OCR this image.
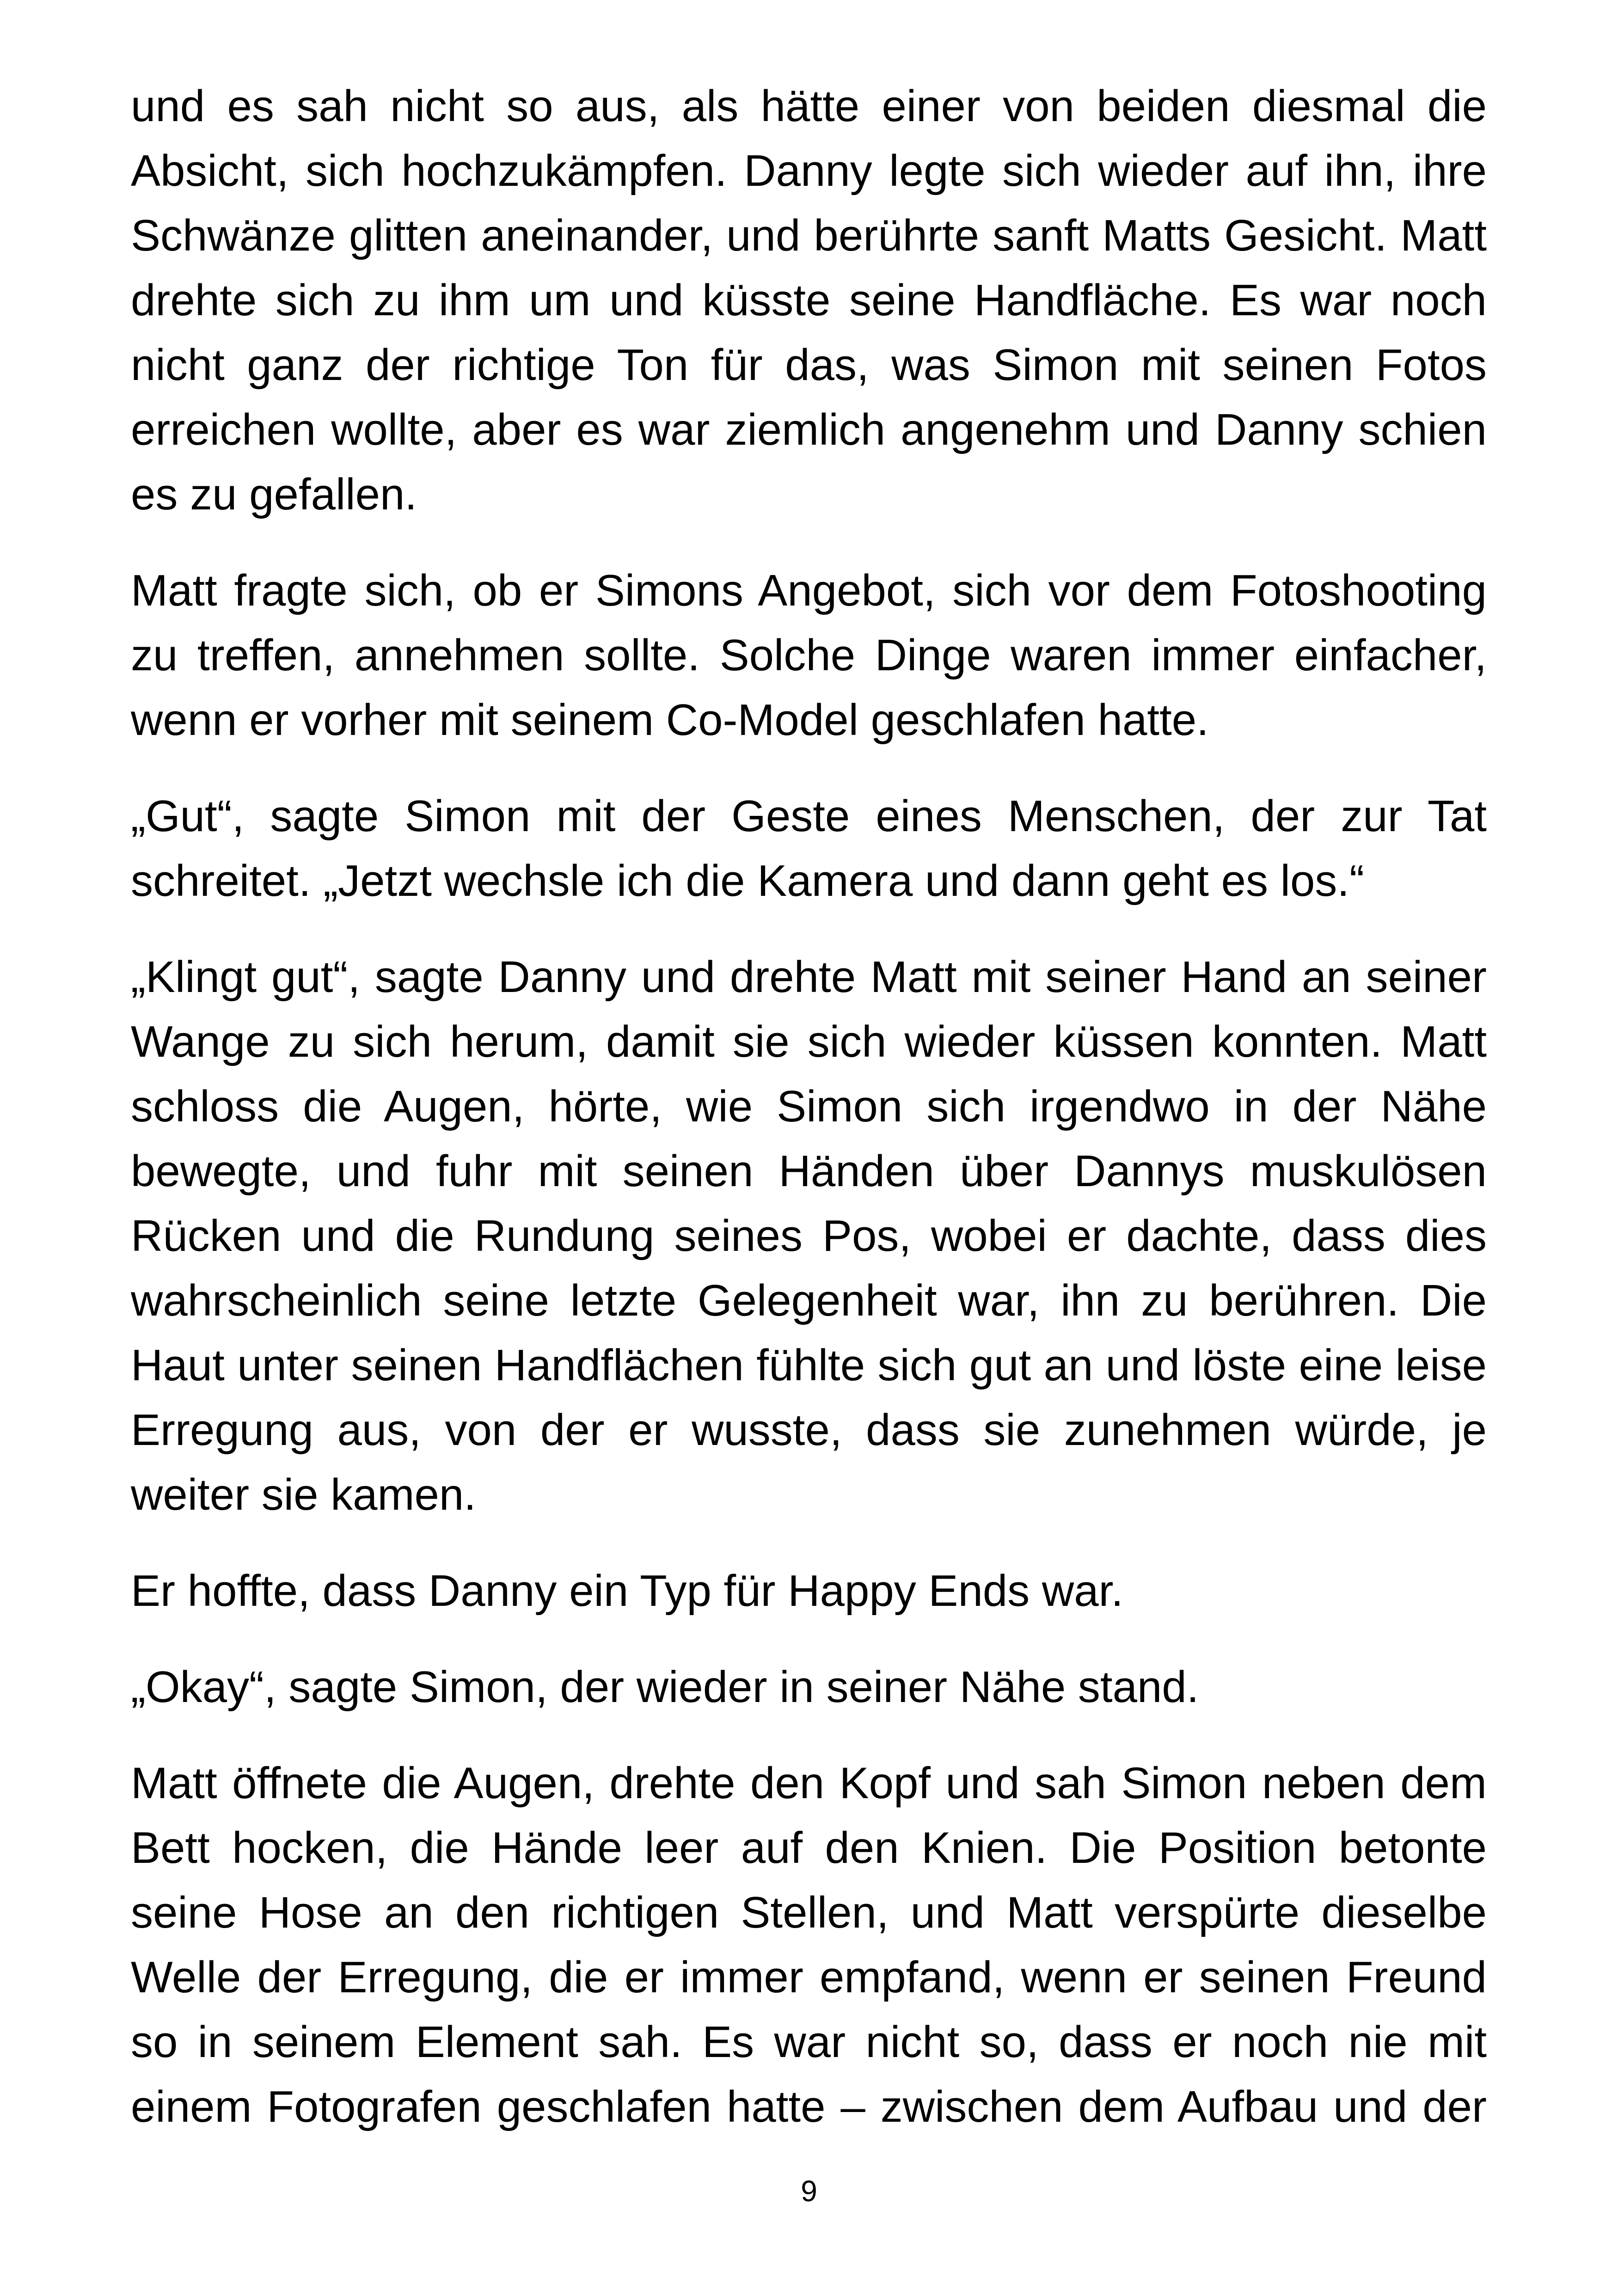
und es sah nicht so aus, als hätte einer von beiden diesmal die Absicht, sich hochzukämpfen. Danny legte sich wieder auf ihn, ihre Schwänze glitten aneinander, und berührte sanft Matts Gesicht. Matt drehte sich zu ihm um und küsste seine Handfläche. Es war noch nicht ganz der richtige Ton für das, was Simon mit seinen Fotos erreichen wollte, aber es war ziemlich angenehm und Danny schien es zu gefallen.

Matt fragte sich, ob er Simons Angebot, sich vor dem Fotoshooting zu treffen, annehmen sollte. Solche Dinge waren immer einfacher, wenn er vorher mit seinem Co-Model geschlafen hatte.

„Gut“, sagte Simon mit der Geste eines Menschen, der zur Tat schreitet. „Jetzt wechsle ich die Kamera und dann geht es los.“

„Klingt gut“, sagte Danny und drehte Matt mit seiner Hand an seiner Wange zu sich herum, damit sie sich wieder küssen konnten. Matt schloss die Augen, hörte, wie Simon sich irgendwo in der Nähe bewegte, und fuhr mit seinen Händen über Dannys muskulösen Rücken und die Rundung seines Pos, wobei er dachte, dass dies wahrscheinlich seine letzte Gelegenheit war, ihn zu berühren. Die Haut unter seinen Handflächen fühlte sich gut an und löste eine leise Erregung aus, von der er wusste, dass sie zunehmen würde, je weiter sie kamen.

Er hoffte, dass Danny ein Typ für Happy Ends war.

„Okay“, sagte Simon, der wieder in seiner Nähe stand.

Matt öffnete die Augen, drehte den Kopf und sah Simon neben dem Bett hocken, die Hände leer auf den Knien. Die Position betonte seine Hose an den richtigen Stellen, und Matt verspürte dieselbe Welle der Erregung, die er immer empfand, wenn er seinen Freund so in seinem Element sah. Es war nicht so, dass er noch nie mit einem Fotografen geschlafen hatte – zwischen dem Aufbau und der

9
